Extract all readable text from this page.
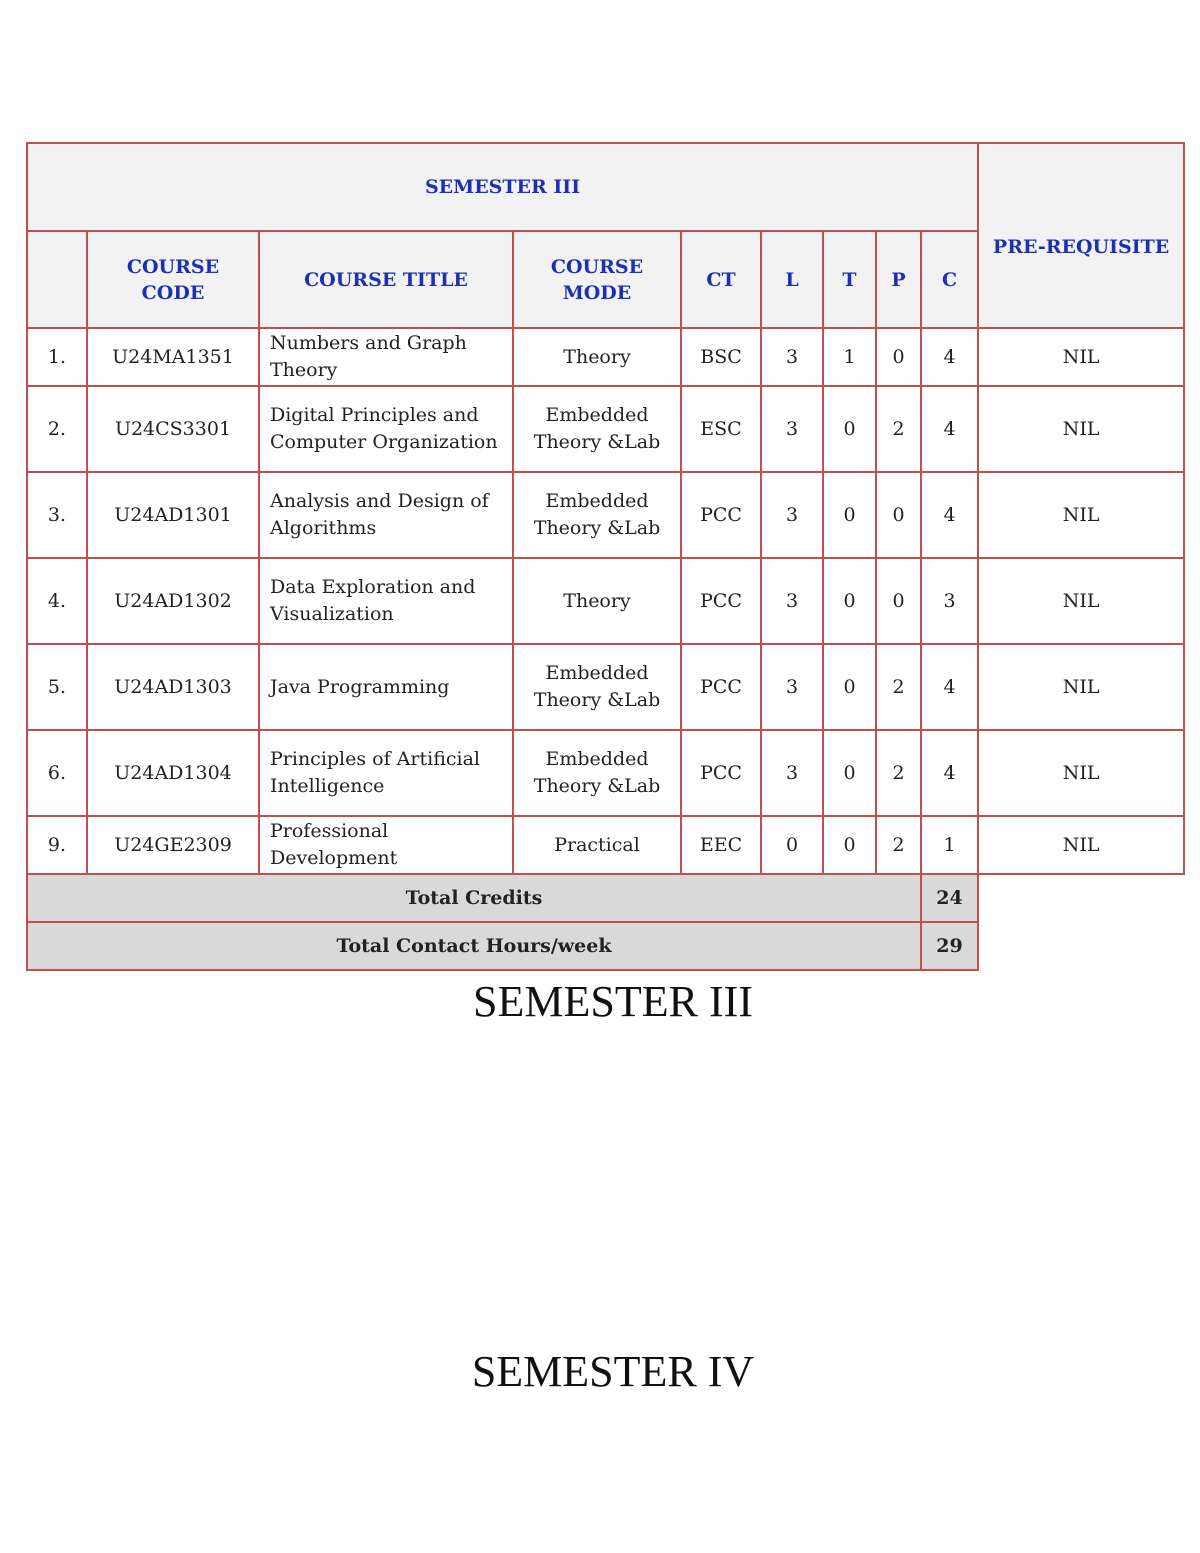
SEMESTER III									PRE-REQUISITE
	COURSE CODE	COURSE TITLE	COURSE MODE	CT	L	T	P	C	
1.	U24MA1351	Numbers and Graph Theory	Theory	BSC	3	1	0	4	NIL
2.	U24CS3301	Digital Principles and Computer Organization	Embedded Theory &Lab	ESC	3	0	2	4	NIL
3.	U24AD1301	Analysis and Design of Algorithms	Embedded Theory &Lab	PCC	3	0	0	4	NIL
4.	U24AD1302	Data Exploration and Visualization	Theory	PCC	3	0	0	3	NIL
5.	U24AD1303	Java Programming	Embedded Theory &Lab	PCC	3	0	2	4	NIL
6.	U24AD1304	Principles of Artificial Intelligence	Embedded Theory &Lab	PCC	3	0	2	4	NIL
9.	U24GE2309	Professional Development	Practical	EEC	0	0	2	1	NIL
Total Credits								24	
Total Contact Hours/week								29	
SEMESTER III
SEMESTER IV
